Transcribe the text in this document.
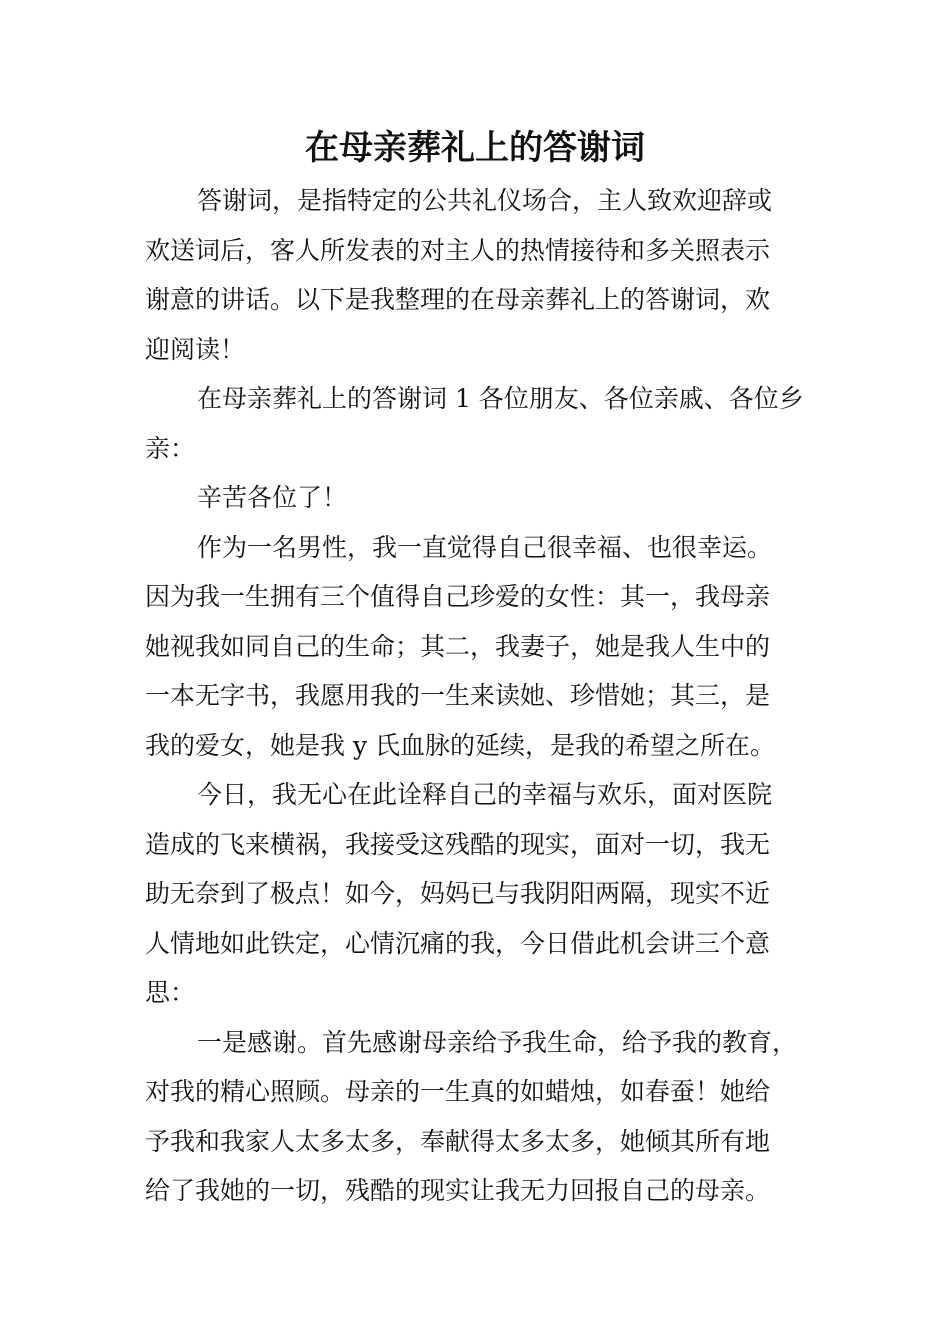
在母亲葬礼上的答谢词
答谢词，是指特定的公共礼仪场合，主人致欢迎辞或
欢送词后，客人所发表的对主人的热情接待和多关照表示
谢意的讲话。以下是我整理的在母亲葬礼上的答谢词，欢
迎阅读！
在母亲葬礼上的答谢词 1 各位朋友、各位亲戚、各位乡
亲：
辛苦各位了！
作为一名男性，我一直觉得自己很幸福、也很幸运。
因为我一生拥有三个值得自己珍爱的女性：其一，我母亲
她视我如同自己的生命；其二，我妻子，她是我人生中的
一本无字书，我愿用我的一生来读她、珍惜她；其三，是
我的爱女，她是我 y 氏血脉的延续，是我的希望之所在。
今日，我无心在此诠释自己的幸福与欢乐，面对医院
造成的飞来横祸，我接受这残酷的现实，面对一切，我无
助无奈到了极点！如今，妈妈已与我阴阳两隔，现实不近
人情地如此铁定，心情沉痛的我，今日借此机会讲三个意
思：
一是感谢。首先感谢母亲给予我生命，给予我的教育，
对我的精心照顾。母亲的一生真的如蜡烛，如春蚕！她给
予我和我家人太多太多，奉献得太多太多，她倾其所有地
给了我她的一切，残酷的现实让我无力回报自己的母亲。
